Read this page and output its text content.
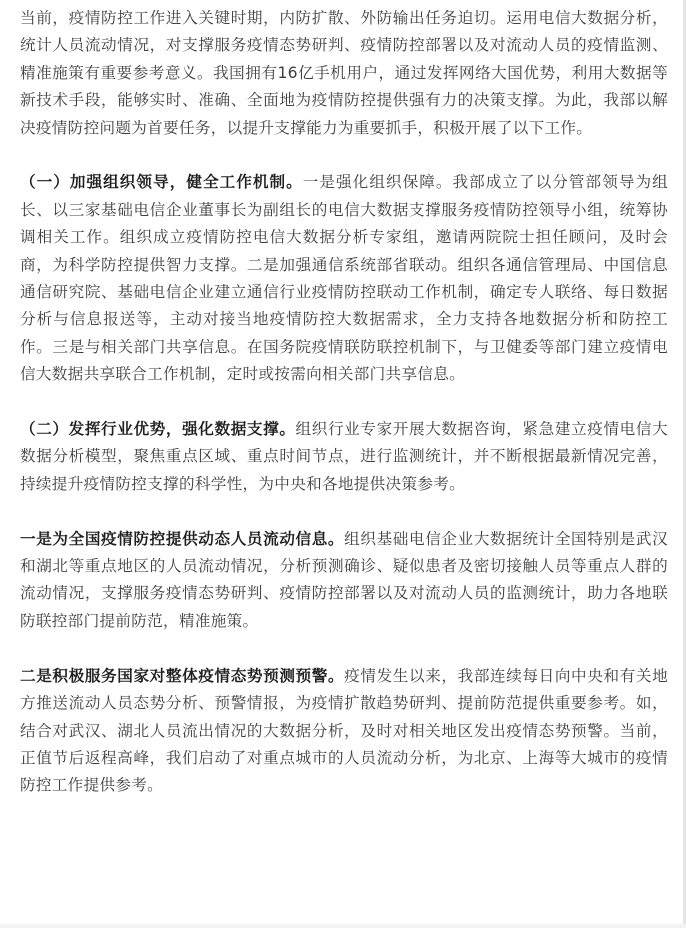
当前，疫情防控工作进入关键时期，内防扩散、外防输出任务迫切。运用电信大数据分析，统计人员流动情况，对支撑服务疫情态势研判、疫情防控部署以及对流动人员的疫情监测、精准施策有重要参考意义。我国拥有16亿手机用户，通过发挥网络大国优势，利用大数据等新技术手段，能够实时、准确、全面地为疫情防控提供强有力的决策支撑。为此，我部以解决疫情防控问题为首要任务，以提升支撑能力为重要抓手，积极开展了以下工作。

（一）加强组织领导，健全工作机制。一是强化组织保障。我部成立了以分管部领导为组长、以三家基础电信企业董事长为副组长的电信大数据支撑服务疫情防控领导小组，统筹协调相关工作。组织成立疫情防控电信大数据分析专家组，邀请两院院士担任顾问，及时会商，为科学防控提供智力支撑。二是加强通信系统部省联动。组织各通信管理局、中国信息通信研究院、基础电信企业建立通信行业疫情防控联动工作机制，确定专人联络、每日数据分析与信息报送等，主动对接当地疫情防控大数据需求，全力支持各地数据分析和防控工作。三是与相关部门共享信息。在国务院疫情联防联控机制下，与卫健委等部门建立疫情电信大数据共享联合工作机制，定时或按需向相关部门共享信息。

（二）发挥行业优势，强化数据支撑。组织行业专家开展大数据咨询，紧急建立疫情电信大数据分析模型，聚焦重点区域、重点时间节点，进行监测统计，并不断根据最新情况完善，持续提升疫情防控支撑的科学性，为中央和各地提供决策参考。

一是为全国疫情防控提供动态人员流动信息。组织基础电信企业大数据统计全国特别是武汉和湖北等重点地区的人员流动情况，分析预测确诊、疑似患者及密切接触人员等重点人群的流动情况，支撑服务疫情态势研判、疫情防控部署以及对流动人员的监测统计，助力各地联防联控部门提前防范，精准施策。

二是积极服务国家对整体疫情态势预测预警。疫情发生以来，我部连续每日向中央和有关地方推送流动人员态势分析、预警情报，为疫情扩散趋势研判、提前防范提供重要参考。如，结合对武汉、湖北人员流出情况的大数据分析，及时对相关地区发出疫情态势预警。当前，正值节后返程高峰，我们启动了对重点城市的人员流动分析，为北京、上海等大城市的疫情防控工作提供参考。
